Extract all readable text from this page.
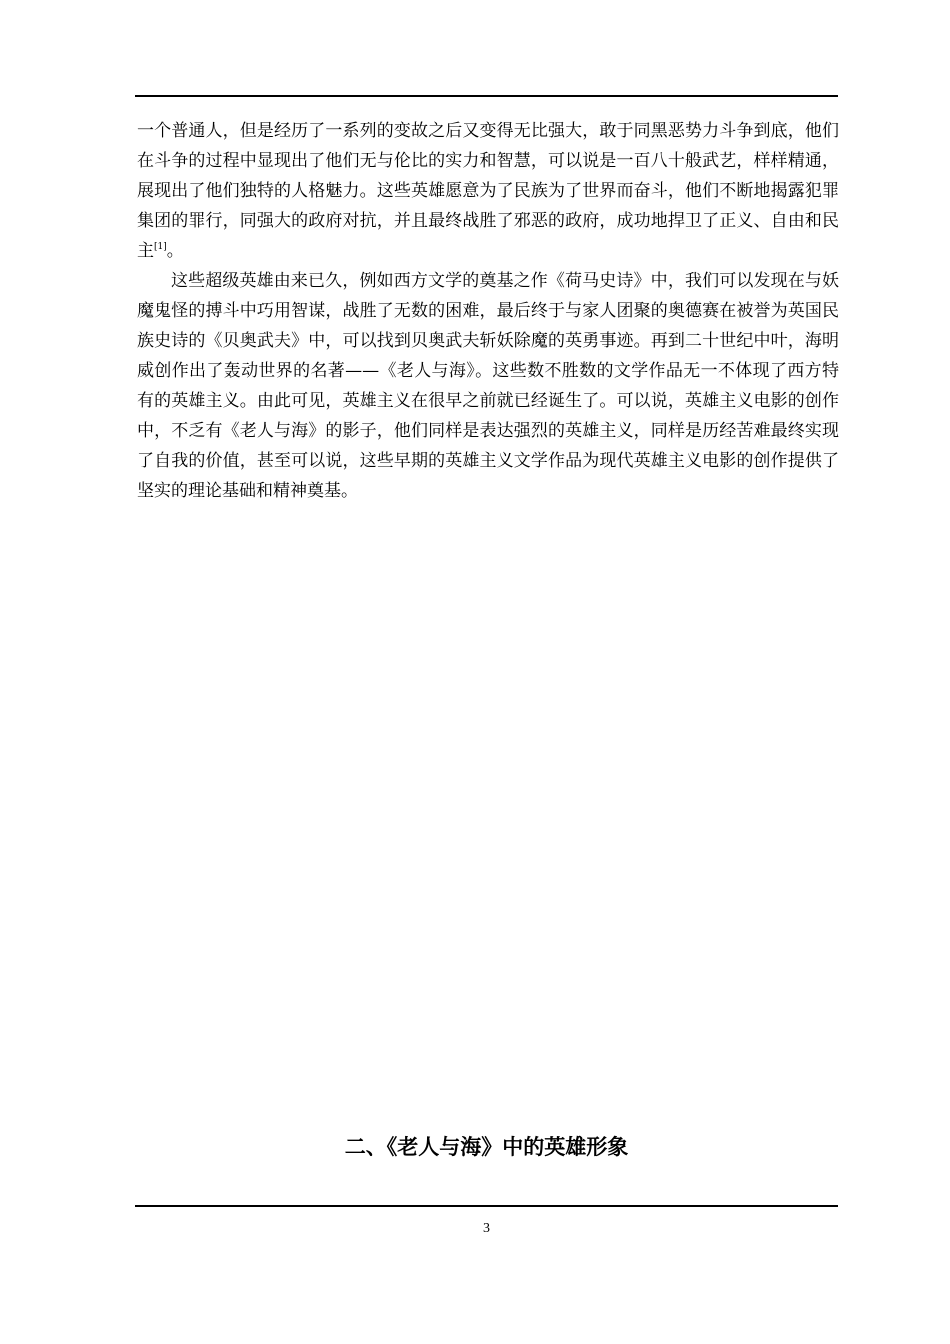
一个普通人，但是经历了一系列的变故之后又变得无比强大，敢于同黑恶势力斗争到底，他们在斗争的过程中显现出了他们无与伦比的实力和智慧，可以说是一百八十般武艺，样样精通，展现出了他们独特的人格魅力。这些英雄愿意为了民族为了世界而奋斗，他们不断地揭露犯罪集团的罪行，同强大的政府对抗，并且最终战胜了邪恶的政府，成功地捍卫了正义、自由和民主[1]。

这些超级英雄由来已久，例如西方文学的奠基之作《荷马史诗》中，我们可以发现在与妖魔鬼怪的搏斗中巧用智谋，战胜了无数的困难，最后终于与家人团聚的奥德赛在被誉为英国民族史诗的《贝奥武夫》中，可以找到贝奥武夫斩妖除魔的英勇事迹。再到二十世纪中叶，海明威创作出了轰动世界的名著——《老人与海》。这些数不胜数的文学作品无一不体现了西方特有的英雄主义。由此可见，英雄主义在很早之前就已经诞生了。可以说，英雄主义电影的创作中，不乏有《老人与海》的影子，他们同样是表达强烈的英雄主义，同样是历经苦难最终实现了自我的价值，甚至可以说，这些早期的英雄主义文学作品为现代英雄主义电影的创作提供了坚实的理论基础和精神奠基。

二、《老人与海》中的英雄形象
3
